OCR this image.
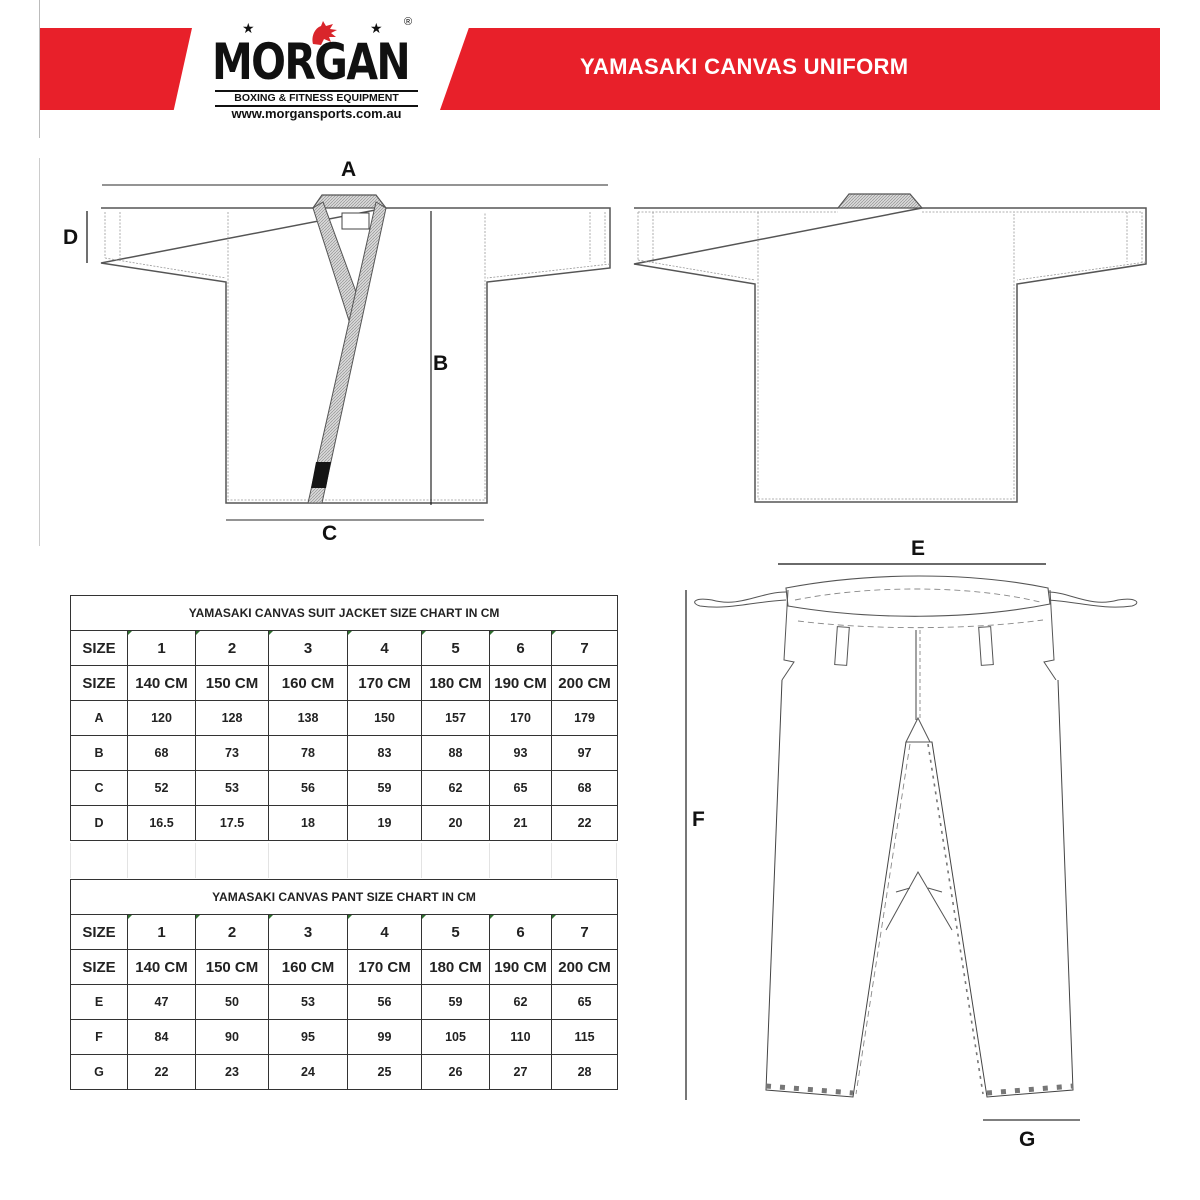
YAMASAKI CANVAS UNIFORM
★	★ ®
MORGAN
BOXING & FITNESS EQUIPMENT
www.morgansports.com.au
A
D
B
C
YAMASAKI CANVAS SUIT JACKET SIZE CHART IN CM							
SIZE	1	2	3	4	5	6	7
SIZE	140 CM	150 CM	160 CM	170 CM	180 CM	190 CM	200 CM
A	120	128	138	150	157	170	179
B	68	73	78	83	88	93	97
C	52	53	56	59	62	65	68
D	16.5	17.5	18	19	20	21	22
YAMASAKI CANVAS PANT SIZE CHART IN CM							
SIZE	1	2	3	4	5	6	7
SIZE	140 CM	150 CM	160 CM	170 CM	180 CM	190 CM	200 CM
E	47	50	53	56	59	62	65
F	84	90	95	99	105	110	115
G	22	23	24	25	26	27	28
E
F
G
